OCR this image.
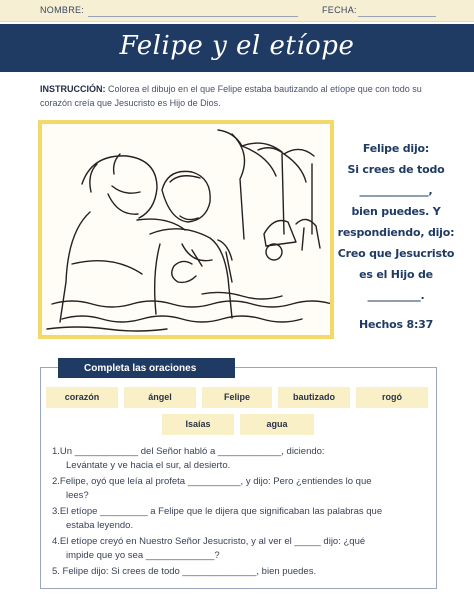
NOMBRE:	FECHA:
Felipe y el etíope
INSTRUCCIÓN: Colorea el dibujo en el que Felipe estaba bautizando al etíope que con todo su corazón creía que Jesucristo es Hijo de Dios.
Felipe dijo:
Si crees de todo
_____________,
bien puedes. Y
respondiendo, dijo:
Creo que Jesucristo
es el Hijo de
__________.
Hechos 8:37
Completa las oraciones
corazón	ángel	Felipe	bautizado	rogó
Isaías	agua
1.Un ____________ del Señor habló a ____________, diciendo:
Levántate y ve hacia el sur, al desierto.
2.Felipe, oyó que leía al profeta __________, y dijo: Pero ¿entiendes lo que
lees?
3.El etíope _________ a Felipe que le dijera que significaban las palabras que
estaba leyendo.
4.El etíope creyó en Nuestro Señor Jesucristo, y al ver el _____ dijo: ¿qué
impide que yo sea _____________?
5. Felipe dijo: Si crees de todo ______________, bien puedes.
